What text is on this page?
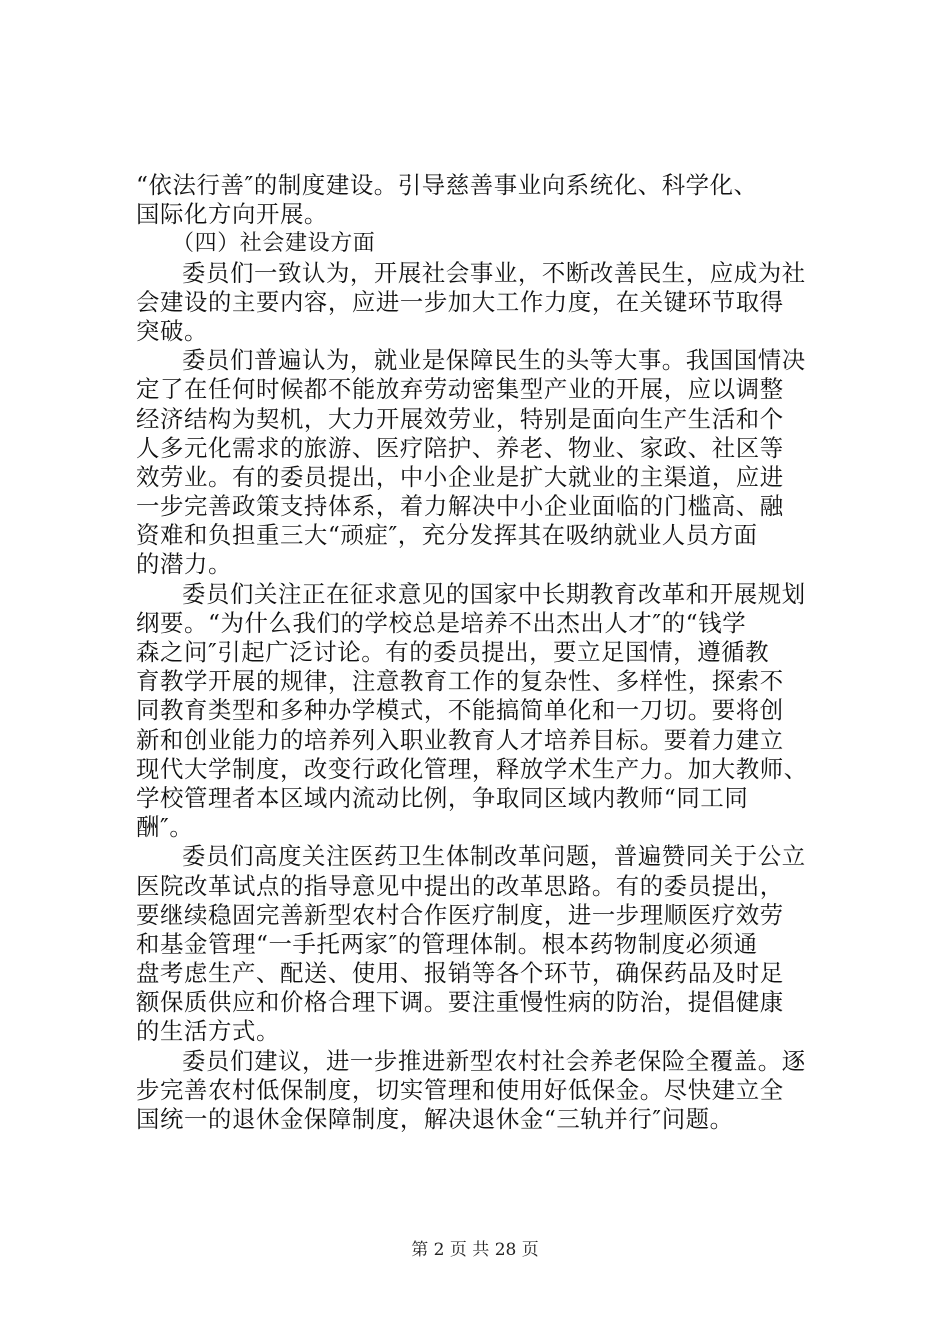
“依法行善″的制度建设。引导慈善事业向系统化、科学化、
国际化方向开展。
（四）社会建设方面
委员们一致认为，开展社会事业，不断改善民生，应成为社
会建设的主要内容，应进一步加大工作力度，在关键环节取得
突破。
委员们普遍认为，就业是保障民生的头等大事。我国国情决
定了在任何时候都不能放弃劳动密集型产业的开展，应以调整
经济结构为契机，大力开展效劳业，特别是面向生产生活和个
人多元化需求的旅游、医疗陪护、养老、物业、家政、社区等
效劳业。有的委员提出，中小企业是扩大就业的主渠道，应进
一步完善政策支持体系，着力解决中小企业面临的门槛高、融
资难和负担重三大“顽症″，充分发挥其在吸纳就业人员方面
的潜力。
委员们关注正在征求意见的国家中长期教育改革和开展规划
纲要。“为什么我们的学校总是培养不出杰出人才″的“钱学
森之问″引起广泛讨论。有的委员提出，要立足国情，遵循教
育教学开展的规律，注意教育工作的复杂性、多样性，探索不
同教育类型和多种办学模式，不能搞简单化和一刀切。要将创
新和创业能力的培养列入职业教育人才培养目标。要着力建立
现代大学制度，改变行政化管理，释放学术生产力。加大教师、
学校管理者本区域内流动比例，争取同区域内教师“同工同
酬″。
委员们高度关注医药卫生体制改革问题，普遍赞同关于公立
医院改革试点的指导意见中提出的改革思路。有的委员提出，
要继续稳固完善新型农村合作医疗制度，进一步理顺医疗效劳
和基金管理“一手托两家″的管理体制。根本药物制度必须通
盘考虑生产、配送、使用、报销等各个环节，确保药品及时足
额保质供应和价格合理下调。要注重慢性病的防治，提倡健康
的生活方式。
委员们建议，进一步推进新型农村社会养老保险全覆盖。逐
步完善农村低保制度，切实管理和使用好低保金。尽快建立全
国统一的退休金保障制度，解决退休金“三轨并行″问题。
第 2 页 共 28 页
